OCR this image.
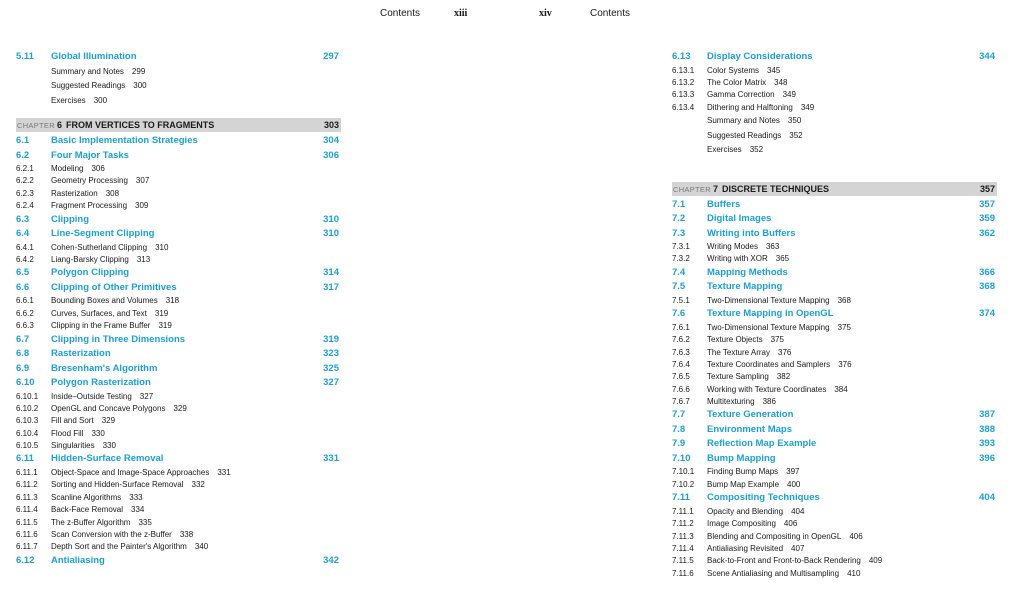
Contents	xiii	xiv	Contents
5.11	Global Illumination	297
Summary and Notes 299
Suggested Readings 300
Exercises 300
CHAPTER 6 FROM VERTICES TO FRAGMENTS	303
6.1	Basic Implementation Strategies	304
6.2	Four Major Tasks	306
6.2.1 Modeling 306
6.2.2 Geometry Processing 307
6.2.3 Rasterization 308
6.2.4 Fragment Processing 309
6.3	Clipping	310
6.4	Line-Segment Clipping	310
6.4.1 Cohen-Sutherland Clipping 310
6.4.2 Liang-Barsky Clipping 313
6.5	Polygon Clipping	314
6.6	Clipping of Other Primitives	317
6.6.1 Bounding Boxes and Volumes 318
6.6.2 Curves, Surfaces, and Text 319
6.6.3 Clipping in the Frame Buffer 319
6.7	Clipping in Three Dimensions	319
6.8	Rasterization	323
6.9	Bresenham's Algorithm	325
6.10	Polygon Rasterization	327
6.10.1 Inside–Outside Testing 327
6.10.2 OpenGL and Concave Polygons 329
6.10.3 Fill and Sort 329
6.10.4 Flood Fill 330
6.10.5 Singularities 330
6.11	Hidden-Surface Removal	331
6.11.1 Object-Space and Image-Space Approaches 331
6.11.2 Sorting and Hidden-Surface Removal 332
6.11.3 Scanline Algorithms 333
6.11.4 Back-Face Removal 334
6.11.5 The z-Buffer Algorithm 335
6.11.6 Scan Conversion with the z-Buffer 338
6.11.7 Depth Sort and the Painter's Algorithm 340
6.12	Antialiasing	342
6.13	Display Considerations	344
6.13.1 Color Systems 345
6.13.2 The Color Matrix 348
6.13.3 Gamma Correction 349
6.13.4 Dithering and Halftoning 349
Summary and Notes 350
Suggested Readings 352
Exercises 352
CHAPTER 7 DISCRETE TECHNIQUES	357
7.1	Buffers	357
7.2	Digital Images	359
7.3	Writing into Buffers	362
7.3.1 Writing Modes 363
7.3.2 Writing with XOR 365
7.4	Mapping Methods	366
7.5	Texture Mapping	368
7.5.1 Two-Dimensional Texture Mapping 368
7.6	Texture Mapping in OpenGL	374
7.6.1 Two-Dimensional Texture Mapping 375
7.6.2 Texture Objects 375
7.6.3 The Texture Array 376
7.6.4 Texture Coordinates and Samplers 376
7.6.5 Texture Sampling 382
7.6.6 Working with Texture Coordinates 384
7.6.7 Multitexturing 386
7.7	Texture Generation	387
7.8	Environment Maps	388
7.9	Reflection Map Example	393
7.10	Bump Mapping	396
7.10.1 Finding Bump Maps 397
7.10.2 Bump Map Example 400
7.11	Compositing Techniques	404
7.11.1 Opacity and Blending 404
7.11.2 Image Compositing 406
7.11.3 Blending and Compositing in OpenGL 406
7.11.4 Antialiasing Revisited 407
7.11.5 Back-to-Front and Front-to-Back Rendering 409
7.11.6 Scene Antialiasing and Multisampling 410
